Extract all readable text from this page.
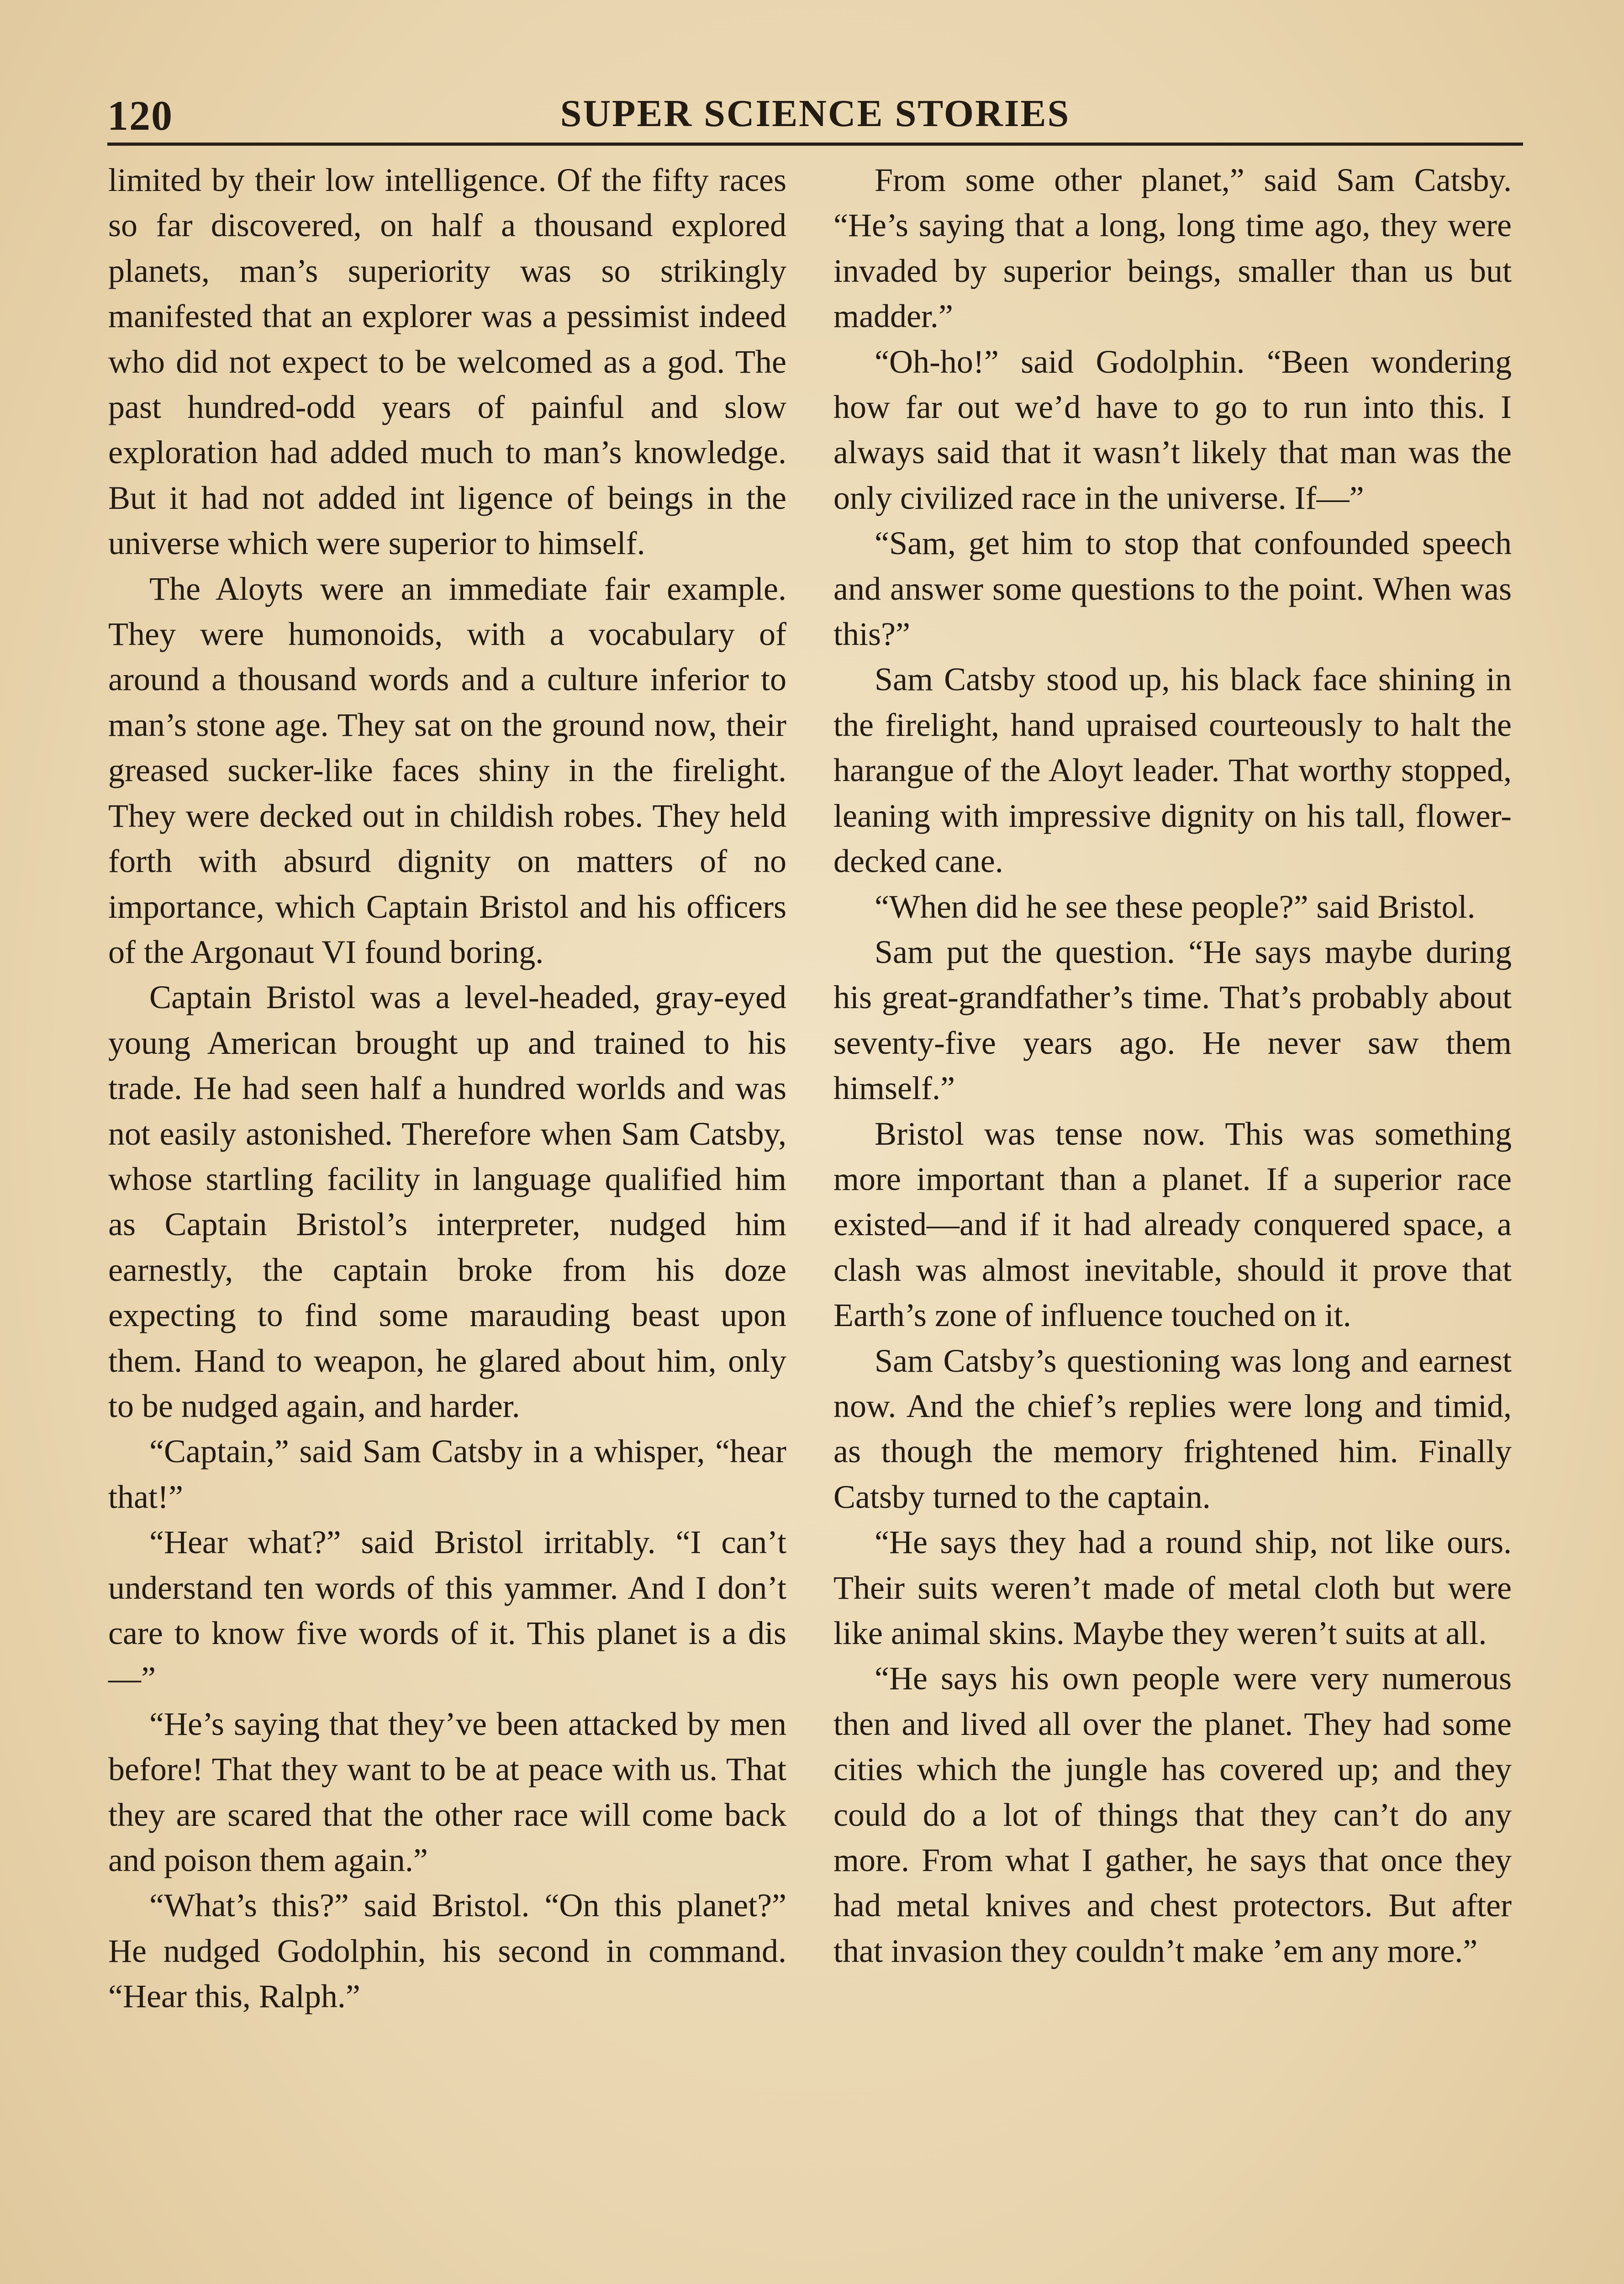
120	SUPER SCIENCE STORIES

limited by their low intelligence. Of the fifty races so far discovered, on half a thousand explored planets, man’s superiority was so strikingly manifested that an explorer was a pessimist indeed who did not expect to be welcomed as a god. The past hundred-odd years of painful and slow exploration had added much to man’s knowledge. But it had not added int ligence of beings in the universe which were superior to himself.

The Aloyts were an immediate fair example. They were humonoids, with a vocabulary of around a thousand words and a culture inferior to man’s stone age. They sat on the ground now, their greased sucker-like faces shiny in the firelight. They were decked out in childish robes. They held forth with absurd dignity on matters of no importance, which Captain Bristol and his officers of the Argonaut VI found boring.

Captain Bristol was a level-headed, gray-eyed young American brought up and trained to his trade. He had seen half a hundred worlds and was not easily astonished. Therefore when Sam Catsby, whose startling facility in language qualified him as Captain Bristol’s interpreter, nudged him earnestly, the captain broke from his doze expecting to find some marauding beast upon them. Hand to weapon, he glared about him, only to be nudged again, and harder.

“Captain,” said Sam Catsby in a whisper, “hear that!”

“Hear what?” said Bristol irritably. “I can’t understand ten words of this yammer. And I don’t care to know five words of it. This planet is a dis—”

“He’s saying that they’ve been attacked by men before! That they want to be at peace with us. That they are scared that the other race will come back and poison them again.”

“What’s this?” said Bristol. “On this planet?” He nudged Godolphin, his second in command. “Hear this, Ralph.”

From some other planet,” said Sam Catsby. “He’s saying that a long, long time ago, they were invaded by superior beings, smaller than us but madder.”

“Oh-ho!” said Godolphin. “Been wondering how far out we’d have to go to run into this. I always said that it wasn’t likely that man was the only civilized race in the universe. If—”

“Sam, get him to stop that confounded speech and answer some questions to the point. When was this?”

Sam Catsby stood up, his black face shining in the firelight, hand upraised courteously to halt the harangue of the Aloyt leader. That worthy stopped, leaning with impressive dignity on his tall, flower-decked cane.

“When did he see these people?” said Bristol.

Sam put the question. “He says maybe during his great-grandfather’s time. That’s probably about seventy-five years ago. He never saw them himself.”

Bristol was tense now. This was something more important than a planet. If a superior race existed—and if it had already conquered space, a clash was almost inevitable, should it prove that Earth’s zone of influence touched on it.

Sam Catsby’s questioning was long and earnest now. And the chief’s replies were long and timid, as though the memory frightened him. Finally Catsby turned to the captain.

“He says they had a round ship, not like ours. Their suits weren’t made of metal cloth but were like animal skins. Maybe they weren’t suits at all.

“He says his own people were very numerous then and lived all over the planet. They had some cities which the jungle has covered up; and they could do a lot of things that they can’t do any more. From what I gather, he says that once they had metal knives and chest protectors. But after that invasion they couldn’t make ’em any more.”
